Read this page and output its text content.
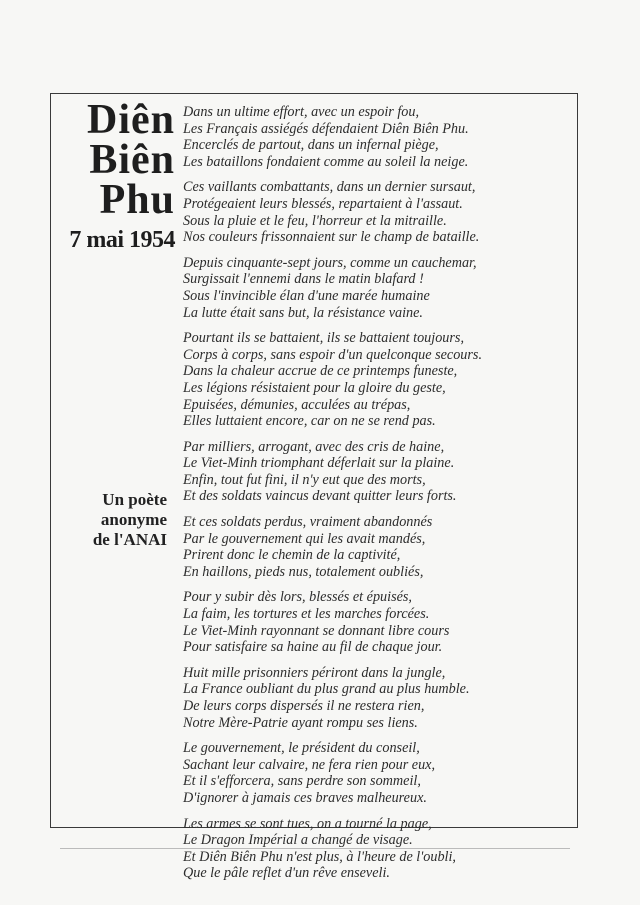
Diên
Biên
Phu
7 mai 1954
Un poète
anonyme
de l'ANAI
Dans un ultime effort, avec un espoir fou,
Les Français assiégés défendaient Diên Biên Phu.
Encerclés de partout, dans un infernal piège,
Les bataillons fondaient comme au soleil la neige.
Ces vaillants combattants, dans un dernier sursaut,
Protégeaient leurs blessés, repartaient à l'assaut.
Sous la pluie et le feu, l'horreur et la mitraille.
Nos couleurs frissonnaient sur le champ de bataille.
Depuis cinquante-sept jours, comme un cauchemar,
Surgissait l'ennemi dans le matin blafard !
Sous l'invincible élan d'une marée humaine
La lutte était sans but, la résistance vaine.
Pourtant ils se battaient, ils se battaient toujours,
Corps à corps, sans espoir d'un quelconque secours.
Dans la chaleur accrue de ce printemps funeste,
Les légions résistaient pour la gloire du geste,
Epuisées, démunies, acculées au trépas,
Elles luttaient encore, car on ne se rend pas.
Par milliers, arrogant, avec des cris de haine,
Le Viet-Minh triomphant déferlait sur la plaine.
Enfin, tout fut fini, il n'y eut que des morts,
Et des soldats vaincus devant quitter leurs forts.
Et ces soldats perdus, vraiment abandonnés
Par le gouvernement qui les avait mandés,
Prirent donc le chemin de la captivité,
En haillons, pieds nus, totalement oubliés,
Pour y subir dès lors, blessés et épuisés,
La faim, les tortures et les marches forcées.
Le Viet-Minh rayonnant se donnant libre cours
Pour satisfaire sa haine au fil de chaque jour.
Huit mille prisonniers périront dans la jungle,
La France oubliant du plus grand au plus humble.
De leurs corps dispersés il ne restera rien,
Notre Mère-Patrie ayant rompu ses liens.
Le gouvernement, le président du conseil,
Sachant leur calvaire, ne fera rien pour eux,
Et il s'efforcera, sans perdre son sommeil,
D'ignorer à jamais ces braves malheureux.
Les armes se sont tues, on a tourné la page,
Le Dragon Impérial a changé de visage.
Et Diên Biên Phu n'est plus, à l'heure de l'oubli,
Que le pâle reflet d'un rêve enseveli.
